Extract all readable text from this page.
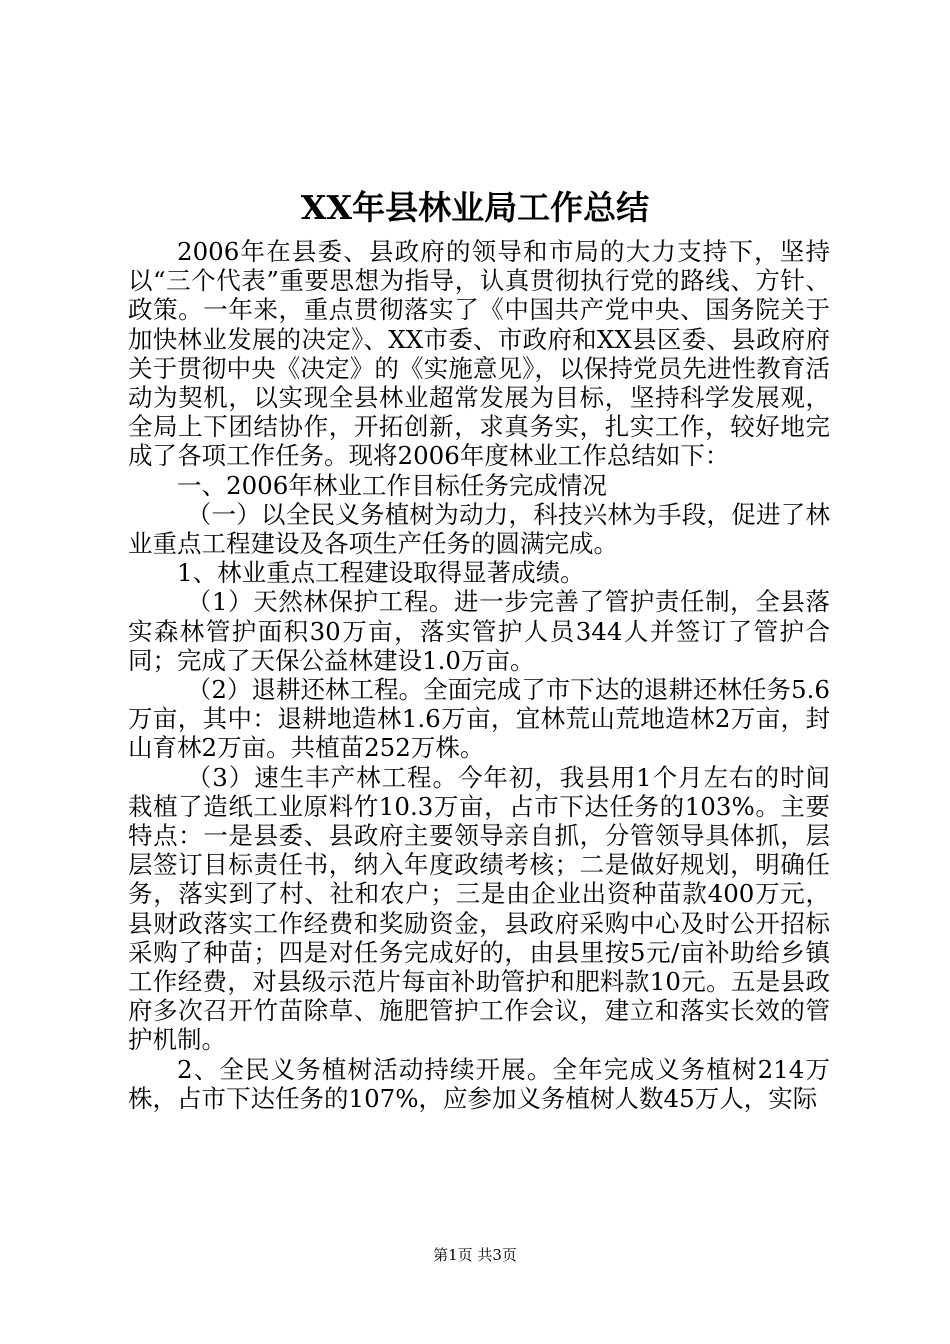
XX年县林业局工作总结

2006年在县委、县政府的领导和市局的大力支持下，坚持以“三个代表”重要思想为指导，认真贯彻执行党的路线、方针、政策。一年来，重点贯彻落实了《中国共产党中央、国务院关于加快林业发展的决定》、XX市委、市政府和XX县区委、县政府府关于贯彻中央《决定》的《实施意见》，以保持党员先进性教育活动为契机，以实现全县林业超常发展为目标，坚持科学发展观，全局上下团结协作，开拓创新，求真务实，扎实工作，较好地完成了各项工作任务。现将2006年度林业工作总结如下：

一、2006年林业工作目标任务完成情况

（一）以全民义务植树为动力，科技兴林为手段，促进了林业重点工程建设及各项生产任务的圆满完成。

1、林业重点工程建设取得显著成绩。

（1）天然林保护工程。进一步完善了管护责任制，全县落实森林管护面积30万亩，落实管护人员344人并签订了管护合同；完成了天保公益林建设1.0万亩。

（2）退耕还林工程。全面完成了市下达的退耕还林任务5.6万亩，其中：退耕地造林1.6万亩，宜林荒山荒地造林2万亩，封山育林2万亩。共植苗252万株。

（3）速生丰产林工程。今年初，我县用1个月左右的时间栽植了造纸工业原料竹10.3万亩，占市下达任务的103%。主要特点：一是县委、县政府主要领导亲自抓，分管领导具体抓，层层签订目标责任书，纳入年度政绩考核；二是做好规划，明确任务，落实到了村、社和农户；三是由企业出资种苗款400万元，县财政落实工作经费和奖励资金，县政府采购中心及时公开招标采购了种苗；四是对任务完成好的，由县里按5元/亩补助给乡镇工作经费，对县级示范片每亩补助管护和肥料款10元。五是县政府多次召开竹苗除草、施肥管护工作会议，建立和落实长效的管护机制。

2、全民义务植树活动持续开展。全年完成义务植树214万株，占市下达任务的107%，应参加义务植树人数45万人，实际

第1页 共3页
